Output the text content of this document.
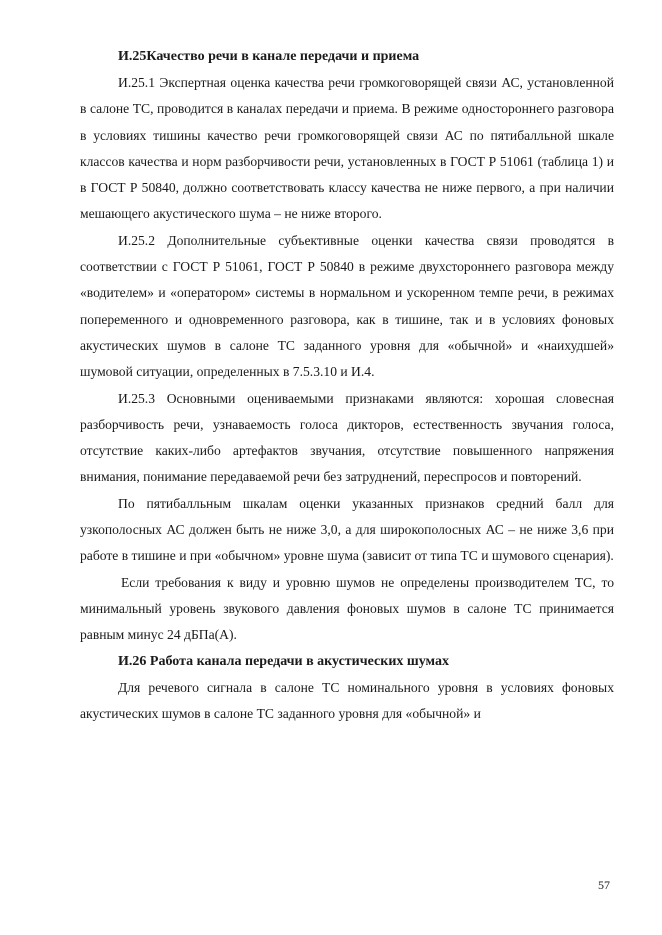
И.25Качество речи в канале передачи и приема

И.25.1 Экспертная оценка качества речи громкоговорящей связи АС, установленной в салоне ТС, проводится в каналах передачи и приема. В режиме одностороннего разговора в условиях тишины качество речи громкоговорящей связи АС по пятибалльной шкале классов качества и норм разборчивости речи, установленных в ГОСТ Р 51061 (таблица 1) и в ГОСТ Р 50840, должно соответствовать классу качества не ниже первого, а при наличии мешающего акустического шума – не ниже второго.

И.25.2 Дополнительные субъективные оценки качества связи проводятся в соответствии с ГОСТ Р 51061, ГОСТ Р 50840 в режиме двухстороннего разговора между «водителем» и «оператором» системы в нормальном и ускоренном темпе речи, в режимах попеременного и одновременного разговора, как в тишине, так и в условиях фоновых акустических шумов в салоне ТС заданного уровня для «обычной» и «наихудшей» шумовой ситуации, определенных в 7.5.3.10 и И.4.

И.25.3 Основными оцениваемыми признаками являются: хорошая словесная разборчивость речи, узнаваемость голоса дикторов, естественность звучания голоса, отсутствие каких-либо артефактов звучания, отсутствие повышенного напряжения внимания, понимание передаваемой речи без затруднений, переспросов и повторений.

По пятибалльным шкалам оценки указанных признаков средний балл для узкополосных АС должен быть не ниже 3,0, а для широкополосных АС – не ниже 3,6 при работе в тишине и при «обычном» уровне шума (зависит от типа ТС и шумового сценария).

Если требования к виду и уровню шумов не определены производителем ТС, то минимальный уровень звукового давления фоновых шумов в салоне ТС принимается равным минус 24 дБПа(А).

И.26 Работа канала передачи в акустических шумах

Для речевого сигнала в салоне ТС номинального уровня в условиях фоновых акустических шумов в салоне ТС заданного уровня для «обычной» и

57
